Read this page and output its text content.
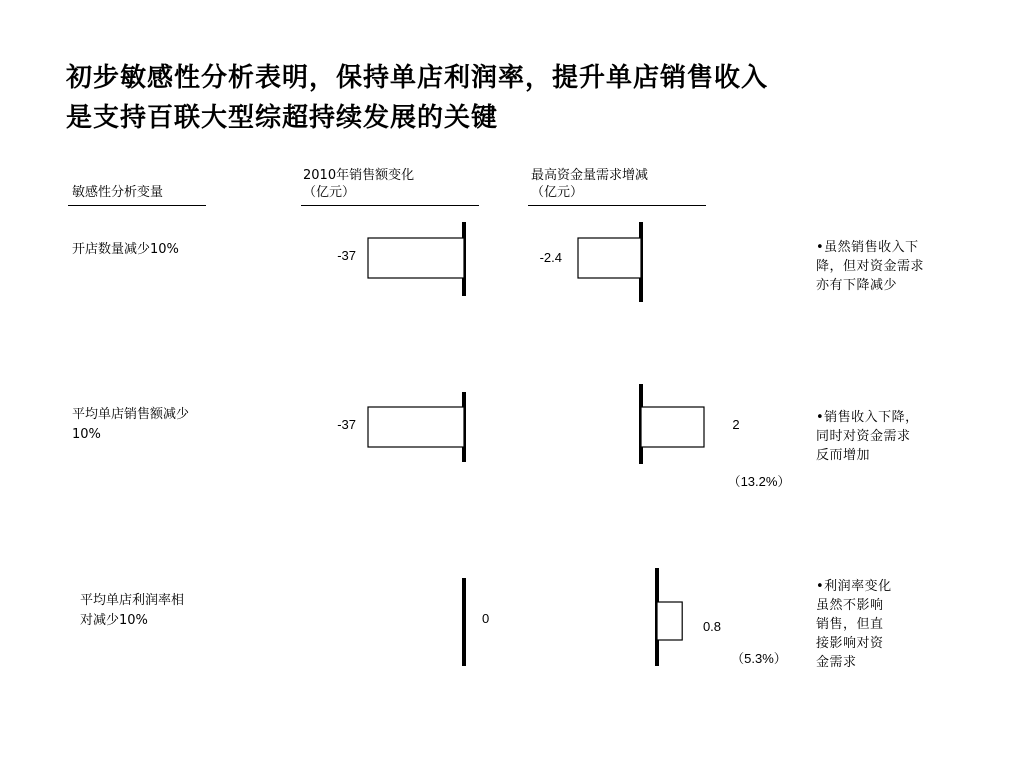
初步敏感性分析表明，保持单店利润率，提升单店销售收入
是支持百联大型综超持续发展的关键
敏感性分析变量
2010年销售额变化
（亿元）
最高资金量需求增减
（亿元）
开店数量减少10%
平均单店销售额减少
10%
平均单店利润率相
对减少10%
•虽然销售收入下
降，但对资金需求
亦有下降减少
•销售收入下降，
同时对资金需求
反而增加
•利润率变化
虽然不影响
销售，但直
接影响对资
金需求
-37	-2.4
-37	2
（13.2%）
0
0.8
（5.3%）
